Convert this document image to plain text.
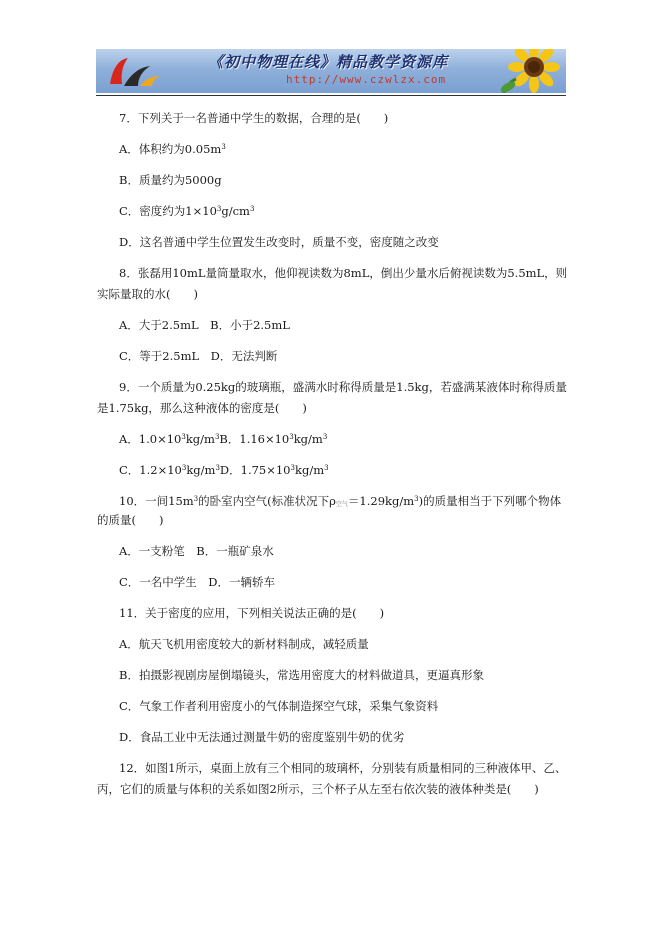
《初中物理在线》精品教学资源库
http://www.czwlzx.com
7．下列关于一名普通中学生的数据，合理的是(　　)
A．体积约为$0.05m^3$
B．质量约为5000g
C．密度约为$1\times 10^3g/cm^3$
D．这名普通中学生位置发生改变时，质量不变，密度随之改变
8．张磊用10mL量筒量取水，他仰视读数为8mL，倒出少量水后俯视读数为5.5mL，则
实际量取的水(　　)
A．大于2.5mL　B．小于2.5mL
C．等于2.5mL　D．无法判断
9．一个质量为0.25kg的玻璃瓶，盛满水时称得质量是1.5kg，若盛满某液体时称得质量
是1.75kg，那么这种液体的密度是(　　)
A．$1.0\times 10^3kg/m^3B$．$1.16\times 10^3kg/m^3$
C．$1.2\times 10^3kg/m^3D$．$1.75\times 10^3kg/m^3$
10．一间$15m^3$的卧室内空气(标准状况下$\rho_{空气}=1.29kg/m^3$)的质量相当于下列哪个物体
的质量(　　)
A．一支粉笔　B．一瓶矿泉水
C．一名中学生　D．一辆轿车
11．关于密度的应用，下列相关说法正确的是(　　)
A．航天飞机用密度较大的新材料制成，减轻质量
B．拍摄影视剧房屋倒塌镜头，常选用密度大的材料做道具，更逼真形象
C．气象工作者利用密度小的气体制造探空气球，采集气象资料
D．食品工业中无法通过测量牛奶的密度鉴别牛奶的优劣
12．如图1所示，桌面上放有三个相同的玻璃杯，分别装有质量相同的三种液体甲、乙、
丙，它们的质量与体积的关系如图2所示，三个杯子从左至右依次装的液体种类是(　　)
